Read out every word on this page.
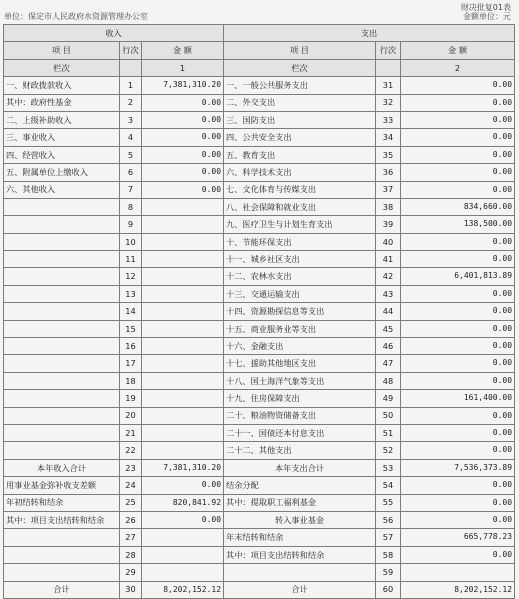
财决批复01表
单位：保定市人民政府水资源管理办公室	金额单位：元
收入			支出		
项 目	行次	金 额	项 目	行次	金 额
栏次		1	栏次		2
一、财政拨款收入	1	7,381,310.20	一、一般公共服务支出	31	0.00
其中：政府性基金	2	0.00	二、外交支出	32	0.00
二、上级补助收入	3	0.00	三、国防支出	33	0.00
三、事业收入	4	0.00	四、公共安全支出	34	0.00
四、经营收入	5	0.00	五、教育支出	35	0.00
五、附属单位上缴收入	6	0.00	六、科学技术支出	36	0.00
六、其他收入	7	0.00	七、文化体育与传媒支出	37	0.00
	8		八、社会保障和就业支出	38	834,660.00
	9		九、医疗卫生与计划生育支出	39	138,500.00
	10		十、节能环保支出	40	0.00
	11		十一、城乡社区支出	41	0.00
	12		十二、农林水支出	42	6,401,813.89
	13		十三、交通运输支出	43	0.00
	14		十四、资源勘探信息等支出	44	0.00
	15		十五、商业服务业等支出	45	0.00
	16		十六、金融支出	46	0.00
	17		十七、援助其他地区支出	47	0.00
	18		十八、国土海洋气象等支出	48	0.00
	19		十九、住房保障支出	49	161,400.00
	20		二十、粮油物资储备支出	50	0.00
	21		二十一、国债还本付息支出	51	0.00
	22		二十二、其他支出	52	0.00
本年收入合计	23	7,381,310.20	本年支出合计	53	7,536,373.89
用事业基金弥补收支差额	24	0.00	结余分配	54	0.00
年初结转和结余	25	820,841.92	其中：提取职工福利基金	55	0.00
其中：项目支出结转和结余	26	0.00	转入事业基金	56	0.00
	27		年末结转和结余	57	665,778.23
	28		其中：项目支出结转和结余	58	0.00
	29			59	
合计	30	8,202,152.12	合计	60	8,202,152.12
